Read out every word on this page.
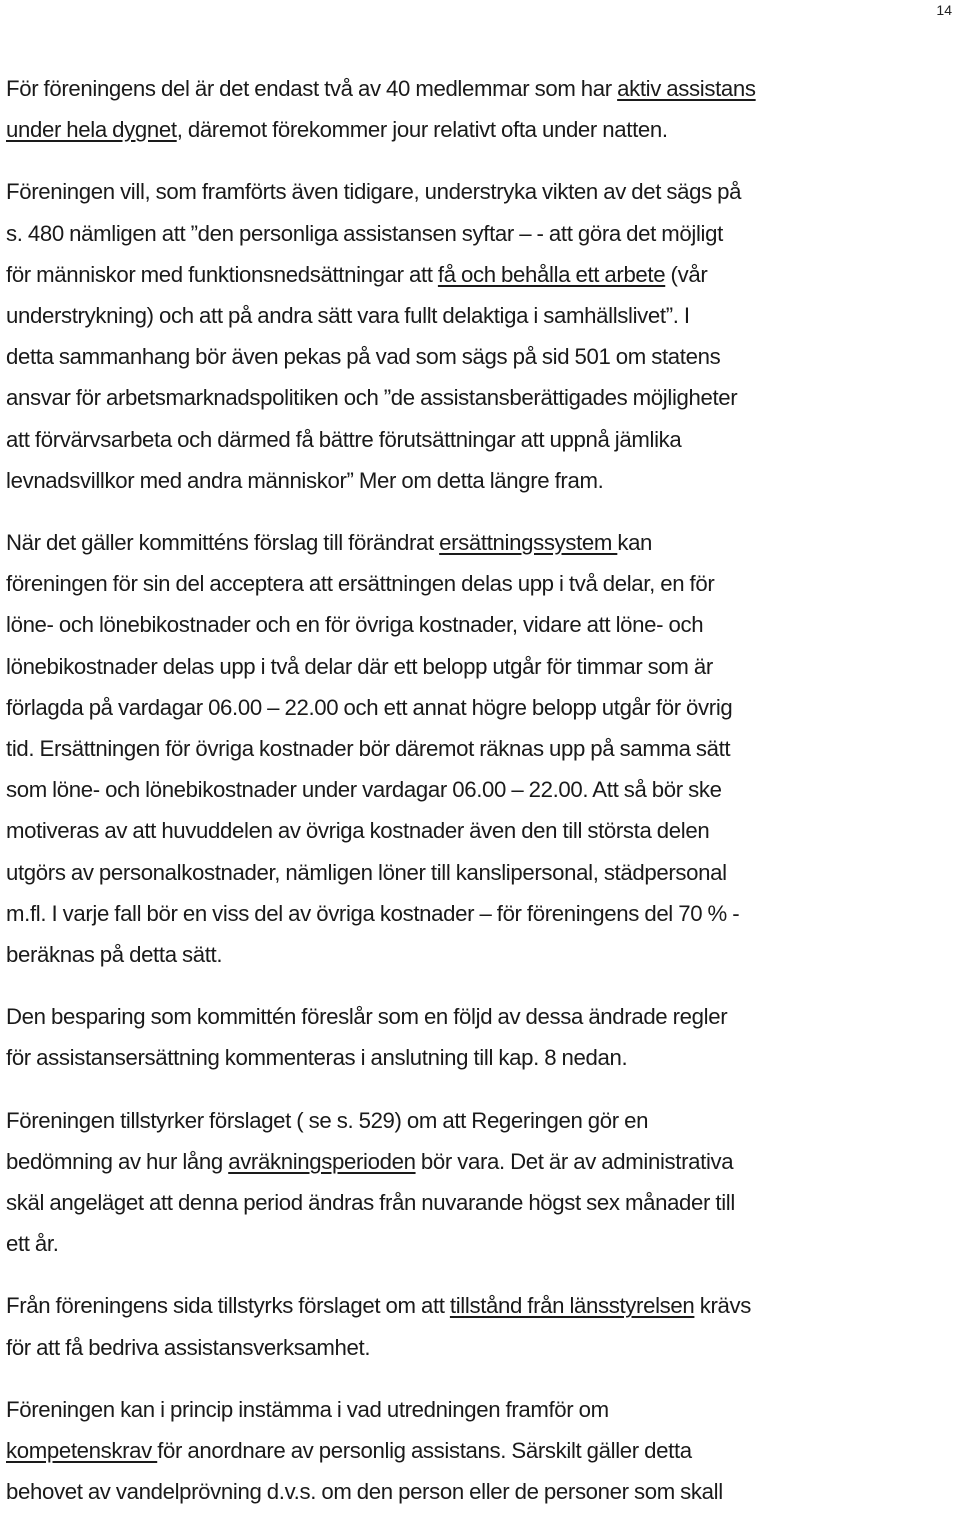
14
För föreningens del är det endast två av 40 medlemmar som har aktiv assistans
under hela dygnet, däremot förekommer jour relativt ofta under natten.
Föreningen vill, som framförts även tidigare, understryka vikten av det sägs på
s. 480 nämligen att ”den personliga assistansen syftar – - att göra det möjligt
för människor med funktionsnedsättningar att få och behålla ett arbete (vår
understrykning) och att på andra sätt vara fullt delaktiga i samhällslivet”. I
detta sammanhang bör även pekas på vad som sägs på sid 501 om statens
ansvar för arbetsmarknadspolitiken och ”de assistansberättigades möjligheter
att förvärvsarbeta och därmed få bättre förutsättningar att uppnå jämlika
levnadsvillkor med andra människor” Mer om detta längre fram.
När det gäller kommitténs förslag till förändrat ersättningssystem kan
föreningen för sin del acceptera att ersättningen delas upp i två delar, en för
löne- och lönebikostnader och en för övriga kostnader, vidare att löne- och
lönebikostnader delas upp i två delar där ett belopp utgår för timmar som är
förlagda på vardagar 06.00 – 22.00 och ett annat högre belopp utgår för övrig
tid. Ersättningen för övriga kostnader bör däremot räknas upp på samma sätt
som löne- och lönebikostnader under vardagar 06.00 – 22.00. Att så bör ske
motiveras av att huvuddelen av övriga kostnader även den till största delen
utgörs av personalkostnader, nämligen löner till kanslipersonal, städpersonal
m.fl. I varje fall bör en viss del av övriga kostnader – för föreningens del 70 % -
beräknas på detta sätt.
Den besparing som kommittén föreslår som en följd av dessa ändrade regler
för assistansersättning kommenteras i anslutning till kap. 8 nedan.
Föreningen tillstyrker förslaget ( se s. 529) om att Regeringen gör en
bedömning av hur lång avräkningsperioden bör vara. Det är av administrativa
skäl angeläget att denna period ändras från nuvarande högst sex månader till
ett år.
Från föreningens sida tillstyrks förslaget om att tillstånd från länsstyrelsen krävs
för att få bedriva assistansverksamhet.
Föreningen kan i princip instämma i vad utredningen framför om
kompetenskrav för anordnare av personlig assistans. Särskilt gäller detta
behovet av vandelprövning d.v.s. om den person eller de personer som skall
